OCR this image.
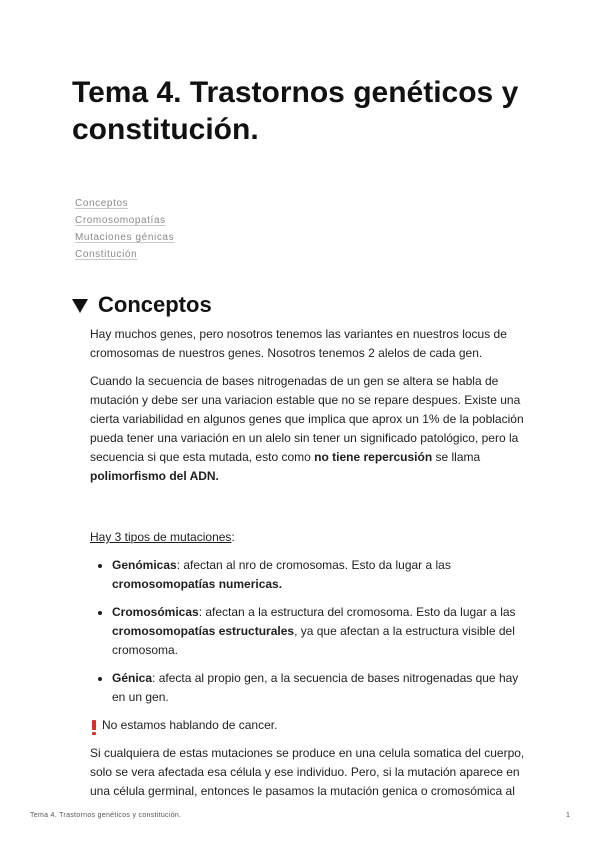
Tema 4. Trastornos genéticos y constitución.
Conceptos
Cromosomopatías
Mutaciones génicas
Constitución
Conceptos

Hay muchos genes, pero nosotros tenemos las variantes en nuestros locus de cromosomas de nuestros genes. Nosotros tenemos 2 alelos de cada gen.

Cuando la secuencia de bases nitrogenadas de un gen se altera se habla de mutación y debe ser una variacion estable que no se repare despues. Existe una cierta variabilidad en algunos genes que implica que aprox un 1% de la población pueda tener una variación en un alelo sin tener un significado patológico, pero la secuencia si que esta mutada, esto como no tiene repercusión se llama polimorfismo del ADN.

Hay 3 tipos de mutaciones:

• Genómicas: afectan al nro de cromosomas. Esto da lugar a las cromosomopatías numericas.
• Cromosómicas: afectan a la estructura del cromosoma. Esto da lugar a las cromosomopatías estructurales, ya que afectan a la estructura visible del cromosoma.
• Génica: afecta al propio gen, a la secuencia de bases nitrogenadas que hay en un gen.

No estamos hablando de cancer.

Si cualquiera de estas mutaciones se produce en una celula somatica del cuerpo, solo se vera afectada esa célula y ese individuo. Pero, si la mutación aparece en una célula germinal, entonces le pasamos la mutación genica o cromosómica al

Tema 4. Trastornos genéticos y constitución.	1
